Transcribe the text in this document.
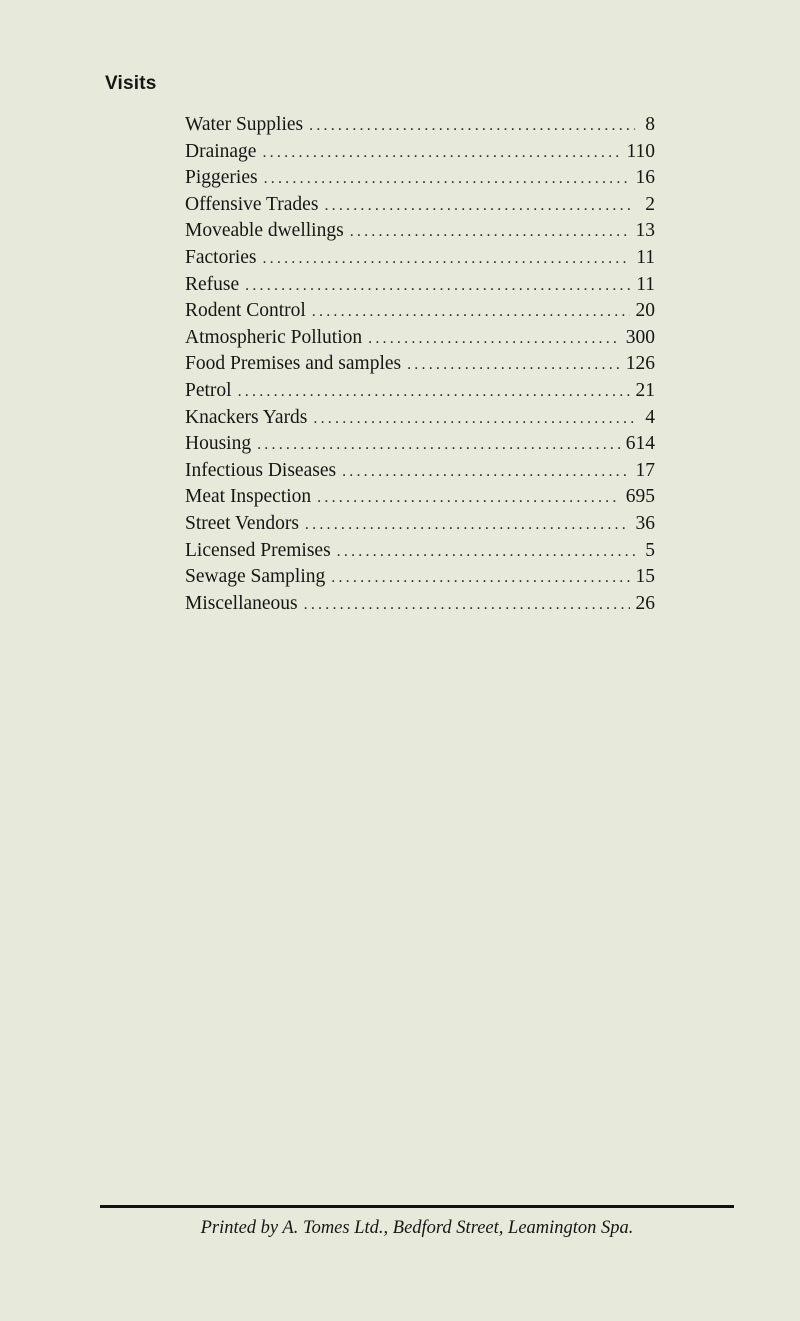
Visits
Water Supplies .....	8
Drainage .....	110
Piggeries .....	16
Offensive Trades .....	2
Moveable dwellings .....	13
Factories .....	11
Refuse .....	11
Rodent Control .....	20
Atmospheric Pollution .....	300
Food Premises and samples .....	126
Petrol .....	21
Knackers Yards .....	4
Housing .....	614
Infectious Diseases .....	17
Meat Inspection .....	695
Street Vendors .....	36
Licensed Premises .....	5
Sewage Sampling .....	15
Miscellaneous .....	26
Printed by A. Tomes Ltd., Bedford Street, Leamington Spa.
